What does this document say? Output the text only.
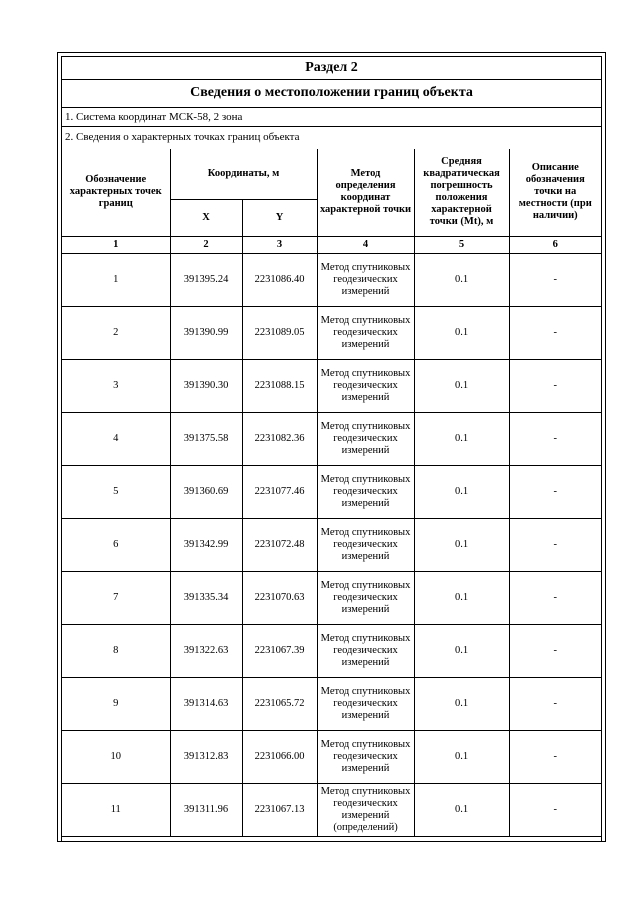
Раздел 2
Сведения о местоположении границ объекта
1. Система координат МСК-58, 2 зона
2. Сведения о характерных точках границ объекта
Обозначение характерных точек границ	Координаты, м		Метод определения координат характерной точки	Средняя квадратическая погрешность положения характерной точки (Mt), м	Описание обозначения точки на местности (при наличии)
	X	Y			
1	2	3	4	5	6
1	391395.24	2231086.40	Метод спутниковых геодезических измерений	0.1	-
2	391390.99	2231089.05	Метод спутниковых геодезических измерений	0.1	-
3	391390.30	2231088.15	Метод спутниковых геодезических измерений	0.1	-
4	391375.58	2231082.36	Метод спутниковых геодезических измерений	0.1	-
5	391360.69	2231077.46	Метод спутниковых геодезических измерений	0.1	-
6	391342.99	2231072.48	Метод спутниковых геодезических измерений	0.1	-
7	391335.34	2231070.63	Метод спутниковых геодезических измерений	0.1	-
8	391322.63	2231067.39	Метод спутниковых геодезических измерений	0.1	-
9	391314.63	2231065.72	Метод спутниковых геодезических измерений	0.1	-
10	391312.83	2231066.00	Метод спутниковых геодезических измерений	0.1	-
11	391311.96	2231067.13	Метод спутниковых геодезических измерений (определений)	0.1	-
